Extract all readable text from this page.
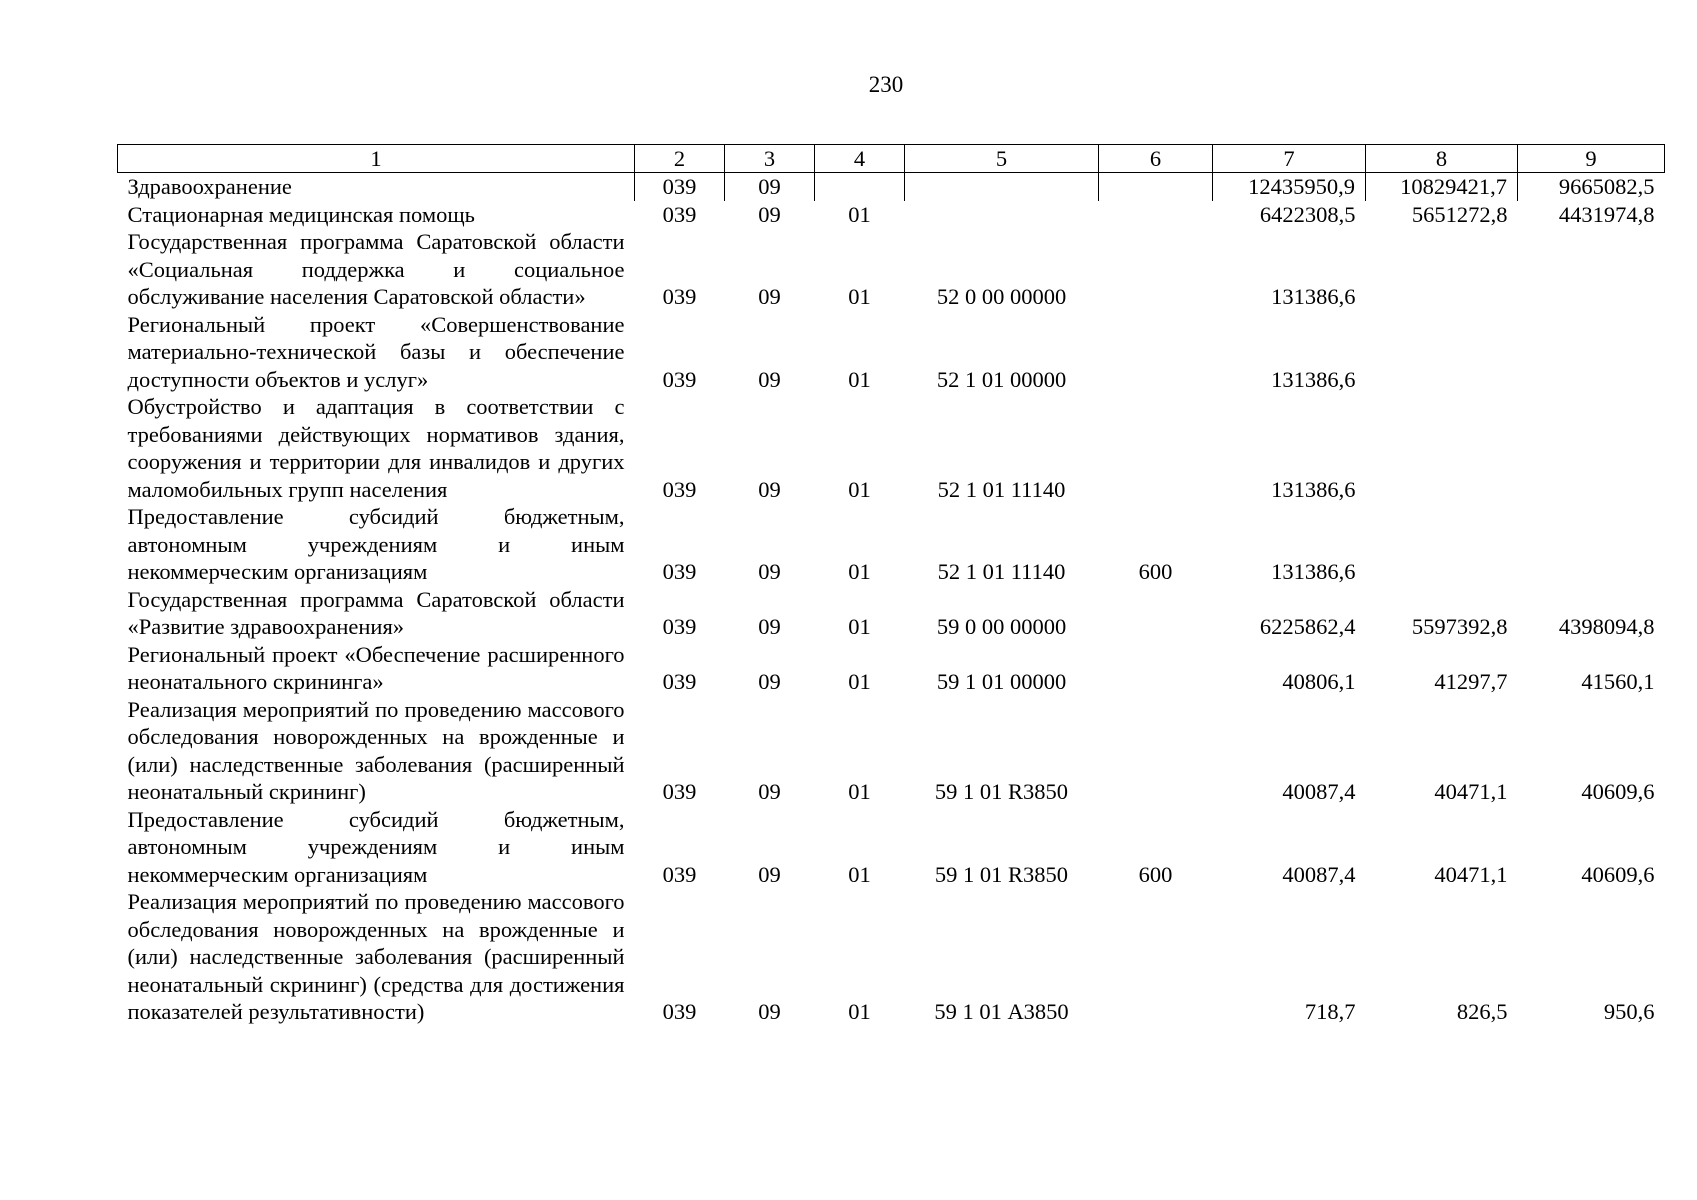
230
1	2	3	4	5	6	7	8	9
Здравоохранение	039	09				12435950,9	10829421,7	9665082,5
Стационарная медицинская помощь	039	09	01			6422308,5	5651272,8	4431974,8
Государственная программа Саратовской области «Социальная поддержка и социальное обслуживание населения Саратовской области»	039	09	01	52 0 00 00000		131386,6		
Региональный проект «Совершенствование материально-технической базы и обеспечение доступности объектов и услуг»	039	09	01	52 1 01 00000		131386,6		
Обустройство и адаптация в соответствии с требованиями действующих нормативов здания, сооружения и территории для инвалидов и других маломобильных групп населения	039	09	01	52 1 01 11140		131386,6		
Предоставление субсидий бюджетным, автономным учреждениям и иным некоммерческим организациям	039	09	01	52 1 01 11140	600	131386,6		
Государственная программа Саратовской области «Развитие здравоохранения»	039	09	01	59 0 00 00000		6225862,4	5597392,8	4398094,8
Региональный проект «Обеспечение расширенного неонатального скрининга»	039	09	01	59 1 01 00000		40806,1	41297,7	41560,1
Реализация мероприятий по проведению массового обследования новорожденных на врожденные и (или) наследственные заболевания (расширенный неонатальный скрининг)	039	09	01	59 1 01 R3850		40087,4	40471,1	40609,6
Предоставление субсидий бюджетным, автономным учреждениям и иным некоммерческим организациям	039	09	01	59 1 01 R3850	600	40087,4	40471,1	40609,6
Реализация мероприятий по проведению массового обследования новорожденных на врожденные и (или) наследственные заболевания (расширенный неонатальный скрининг) (средства для достижения показателей результативности)	039	09	01	59 1 01 А3850		718,7	826,5	950,6
